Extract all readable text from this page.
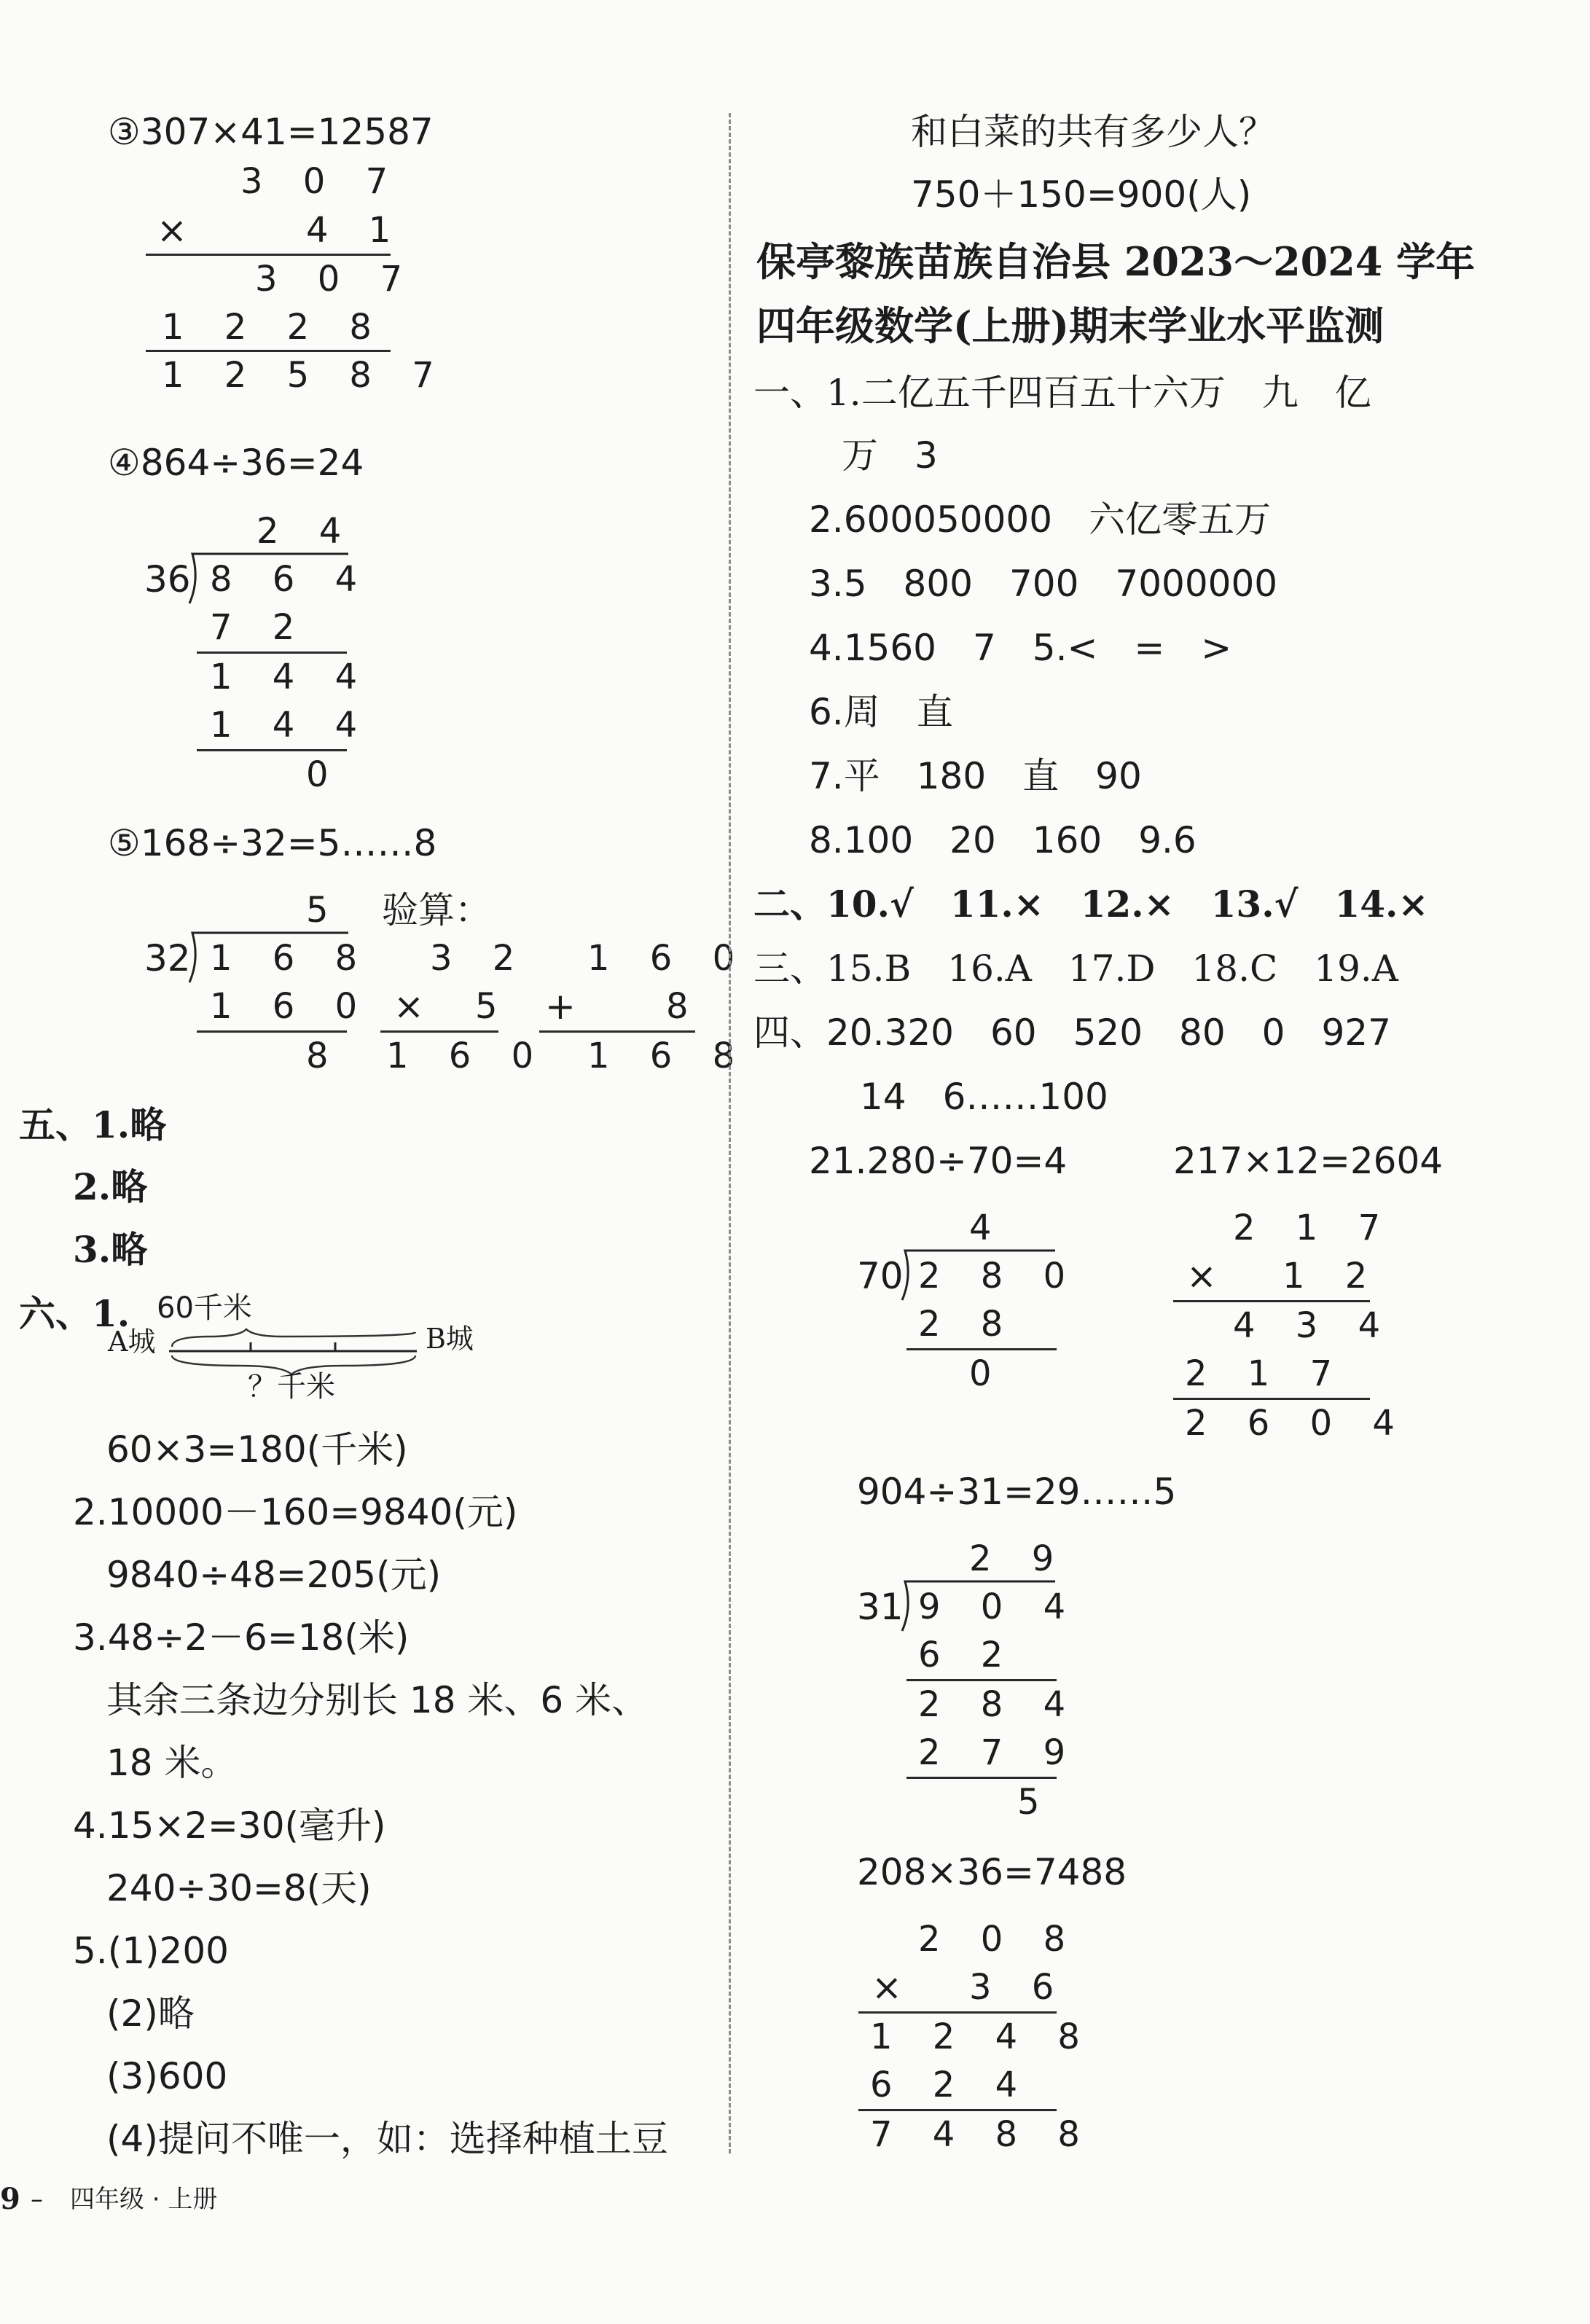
③307×41=12587
3 0 7
×	4 1
3 0 7
1 2 2 8
1 2 5 8 7
④864÷36=24
2 4
36 8 6 4
7 2
1 4 4
1 4 4
0
⑤168÷32=5……8
5 验算：
32 1 6 8
1 6 0
8
3 2
× 5
1 6 0
1 6 0
+	8
1 6 8
五、1.略
2.略
3.略
六、1. 60千米
A城	B城
？千米
60×3=180(千米)
2.10000－160=9840(元)
9840÷48=205(元)
3.48÷2－6=18(米)
其余三条边分别长 18 米、6 米、
18 米。
4.15×2=30(毫升)
240÷30=8(天)
5.(1)200
(2)略
(3)600
(4)提问不唯一，如：选择种植土豆
和白菜的共有多少人？
750＋150=900(人)
保亭黎族苗族自治县 2023～2024 学年
四年级数学(上册)期末学业水平监测
一、1.二亿五千四百五十六万　九　亿
万　3
2.600050000　六亿零五万
3.5　800　700　7000000
4.1560　7　5.<　=　>
6.周　直
7.平　180　直　90
8.100　20　160　9.6
二、10.√　11.×　12.×　13.√　14.×
三、15.B　16.A　17.D　18.C　19.A
四、20.320　60　520　80　0　927
14　6……100
21.280÷70=4	217×12=2604
4
70 2 8 0
2 8
0
2 1 7
× 1 2
4 3 4
2 1 7
2 6 0 4
904÷31=29……5
2 9
31 9 0 4
6 2
2 8 4
2 7 9
5
208×36=7488
2 0 8
× 3 6
1 2 4 8
6 2 4
7 4 8 8
9 – 四年级 · 上册
